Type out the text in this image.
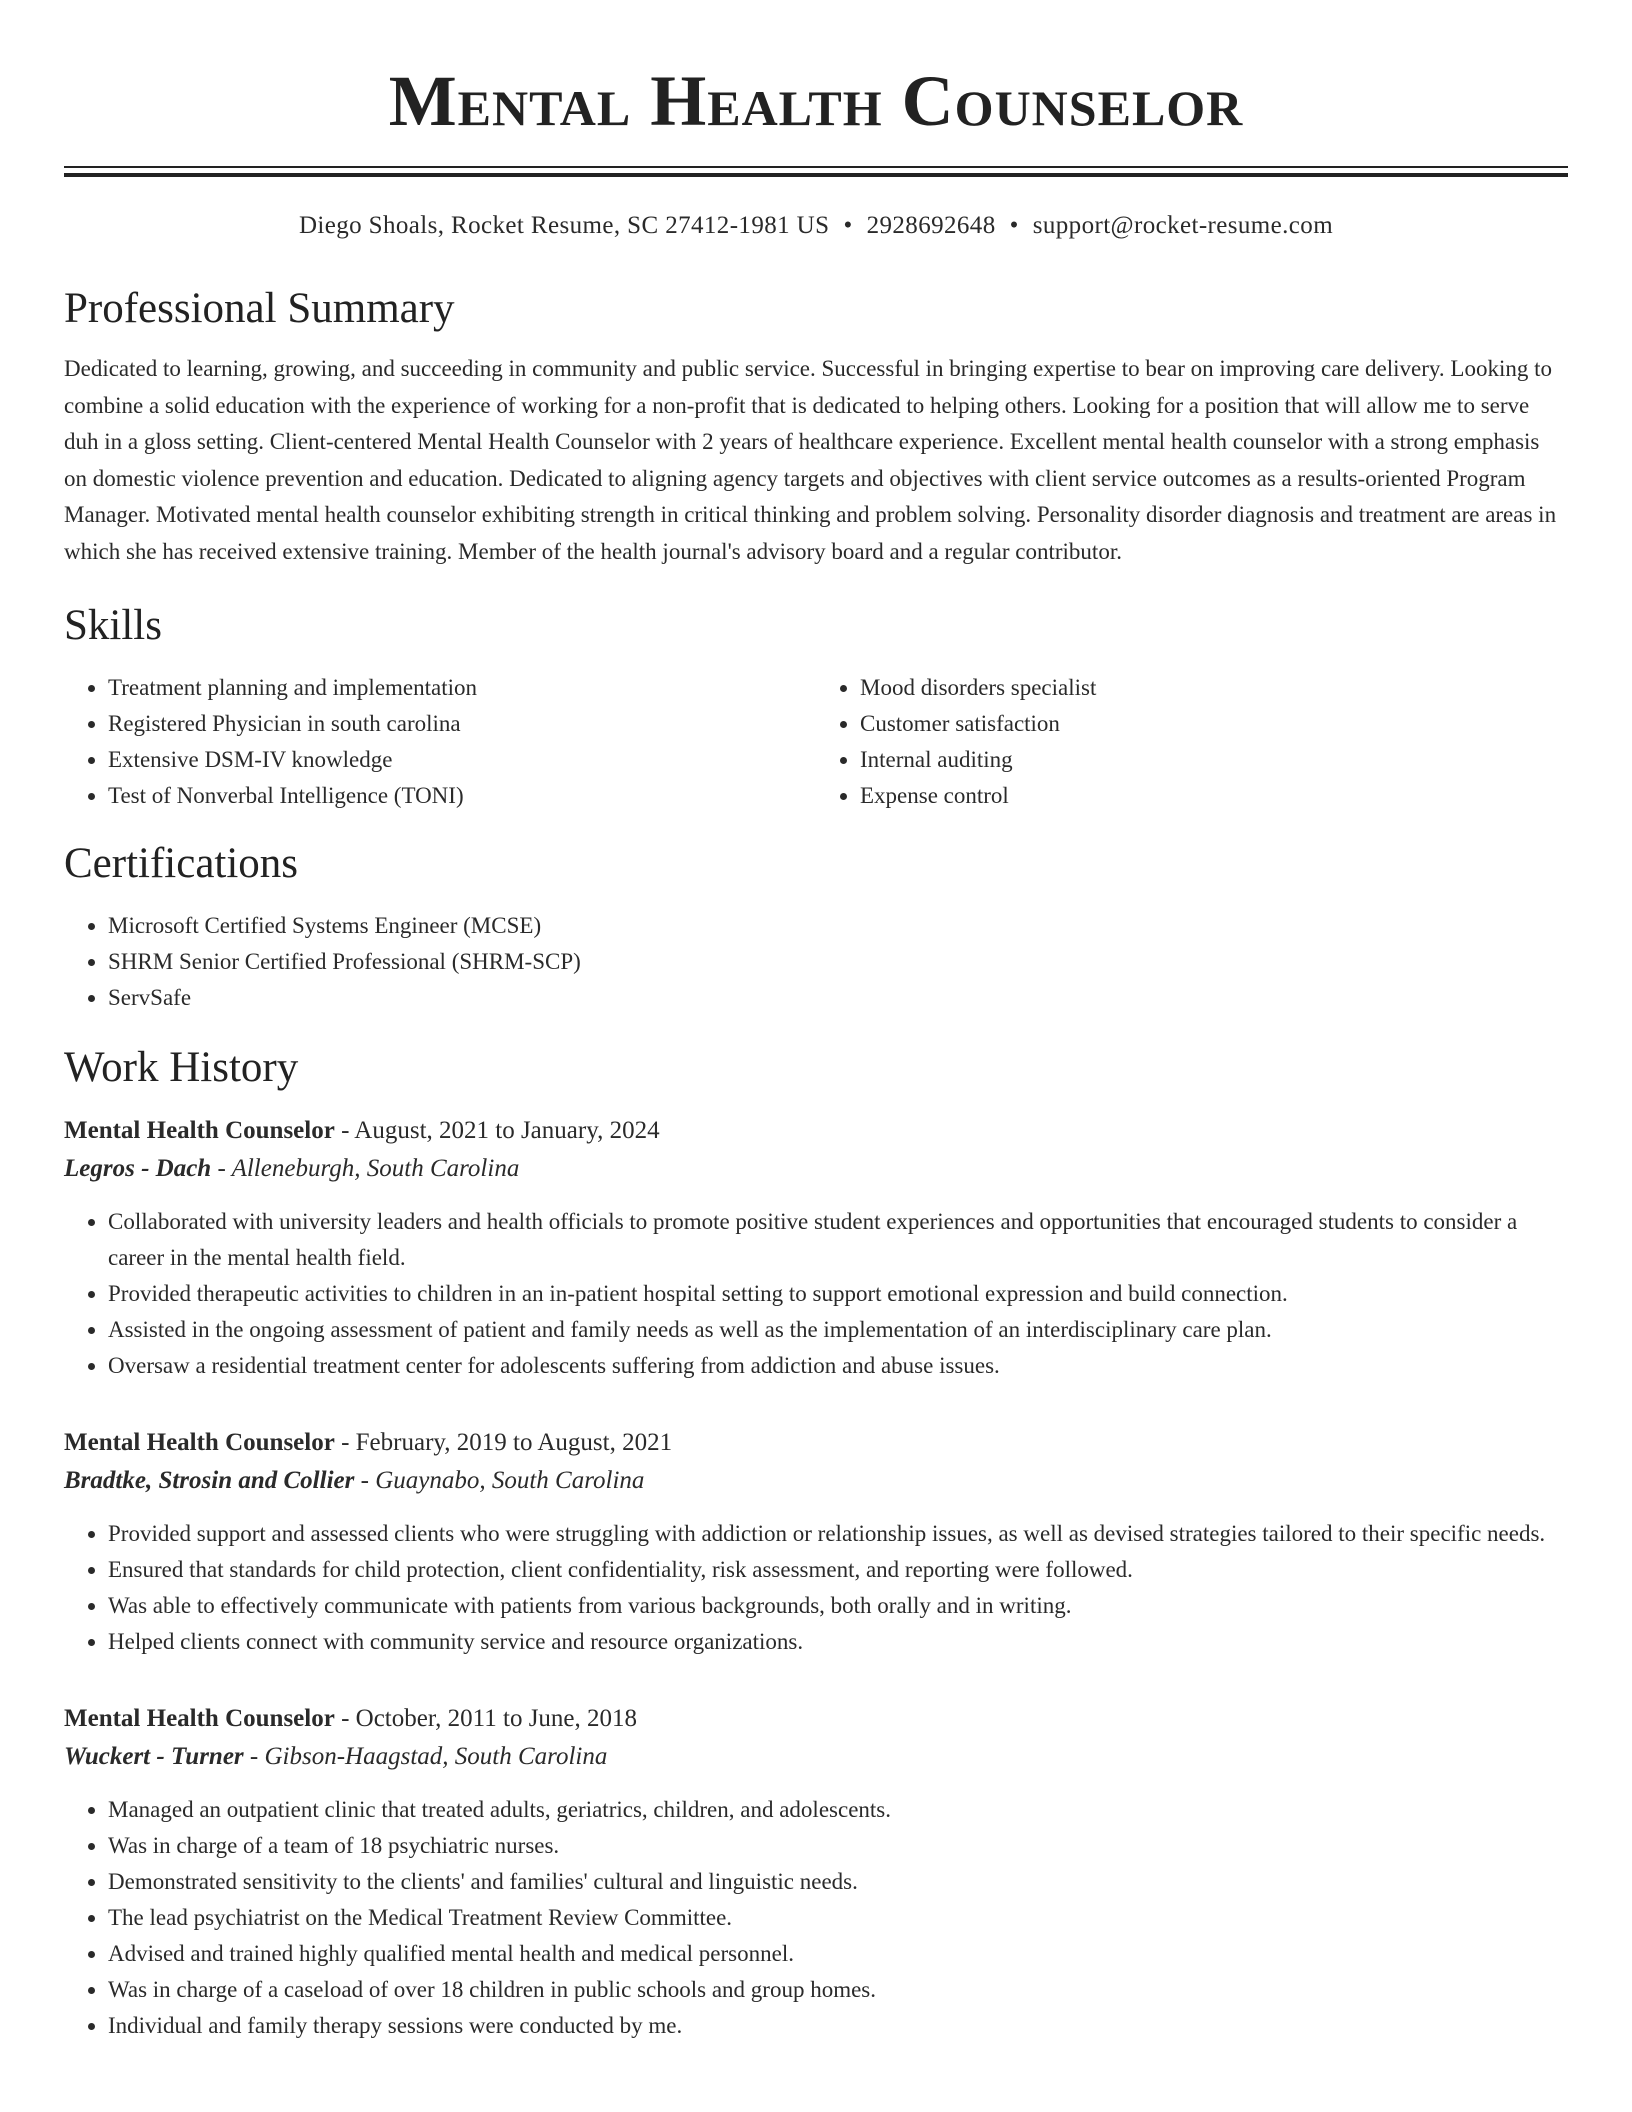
Mental Health Counselor
Diego Shoals, Rocket Resume, SC 27412-1981 US • 2928692648 • support@rocket-resume.com
Professional Summary
Dedicated to learning, growing, and succeeding in community and public service. Successful in bringing expertise to bear on improving care delivery. Looking to combine a solid education with the experience of working for a non-profit that is dedicated to helping others. Looking for a position that will allow me to serve duh in a gloss setting. Client-centered Mental Health Counselor with 2 years of healthcare experience. Excellent mental health counselor with a strong emphasis on domestic violence prevention and education. Dedicated to aligning agency targets and objectives with client service outcomes as a results-oriented Program Manager. Motivated mental health counselor exhibiting strength in critical thinking and problem solving. Personality disorder diagnosis and treatment are areas in which she has received extensive training. Member of the health journal's advisory board and a regular contributor.
Skills
• Treatment planning and implementation
• Registered Physician in south carolina
• Extensive DSM-IV knowledge
• Test of Nonverbal Intelligence (TONI)
• Mood disorders specialist
• Customer satisfaction
• Internal auditing
• Expense control
Certifications
• Microsoft Certified Systems Engineer (MCSE)
• SHRM Senior Certified Professional (SHRM-SCP)
• ServSafe
Work History
Mental Health Counselor - August, 2021 to January, 2024
Legros - Dach - Alleneburgh, South Carolina
• Collaborated with university leaders and health officials to promote positive student experiences and opportunities that encouraged students to consider a career in the mental health field.
• Provided therapeutic activities to children in an in-patient hospital setting to support emotional expression and build connection.
• Assisted in the ongoing assessment of patient and family needs as well as the implementation of an interdisciplinary care plan.
• Oversaw a residential treatment center for adolescents suffering from addiction and abuse issues.
Mental Health Counselor - February, 2019 to August, 2021
Bradtke, Strosin and Collier - Guaynabo, South Carolina
• Provided support and assessed clients who were struggling with addiction or relationship issues, as well as devised strategies tailored to their specific needs.
• Ensured that standards for child protection, client confidentiality, risk assessment, and reporting were followed.
• Was able to effectively communicate with patients from various backgrounds, both orally and in writing.
• Helped clients connect with community service and resource organizations.
Mental Health Counselor - October, 2011 to June, 2018
Wuckert - Turner - Gibson-Haagstad, South Carolina
• Managed an outpatient clinic that treated adults, geriatrics, children, and adolescents.
• Was in charge of a team of 18 psychiatric nurses.
• Demonstrated sensitivity to the clients' and families' cultural and linguistic needs.
• The lead psychiatrist on the Medical Treatment Review Committee.
• Advised and trained highly qualified mental health and medical personnel.
• Was in charge of a caseload of over 18 children in public schools and group homes.
• Individual and family therapy sessions were conducted by me.
